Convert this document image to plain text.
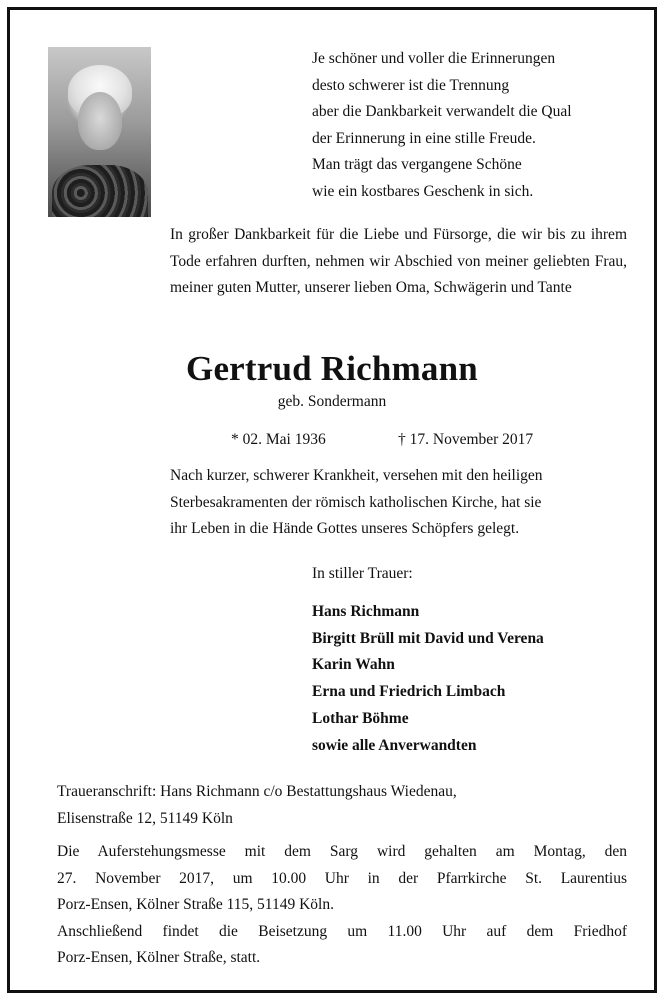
Je schöner und voller die Erinnerungen
desto schwerer ist die Trennung
aber die Dankbarkeit verwandelt die Qual
der Erinnerung in eine stille Freude.
Man trägt das vergangene Schöne
wie ein kostbares Geschenk in sich.
In großer Dankbarkeit für die Liebe und Fürsorge, die wir bis zu ihrem Tode erfahren durften, nehmen wir Abschied von meiner geliebten Frau, meiner guten Mutter, unserer lieben Oma, Schwägerin und Tante
Gertrud Richmann
geb. Sondermann
* 02. Mai 1936	† 17. November 2017
Nach kurzer, schwerer Krankheit, versehen mit den heiligen
Sterbesakramenten der römisch katholischen Kirche, hat sie
ihr Leben in die Hände Gottes unseres Schöpfers gelegt.
In stiller Trauer:
Hans Richmann
Birgitt Brüll mit David und Verena
Karin Wahn
Erna und Friedrich Limbach
Lothar Böhme
sowie alle Anverwandten
Traueranschrift: Hans Richmann c/o Bestattungshaus Wiedenau,
Elisenstraße 12, 51149 Köln
Die Auferstehungsmesse mit dem Sarg wird gehalten am Montag, den
27. November 2017, um 10.00 Uhr in der Pfarrkirche St. Laurentius
Porz-Ensen, Kölner Straße 115, 51149 Köln.
Anschließend findet die Beisetzung um 11.00 Uhr auf dem Friedhof
Porz-Ensen, Kölner Straße, statt.
